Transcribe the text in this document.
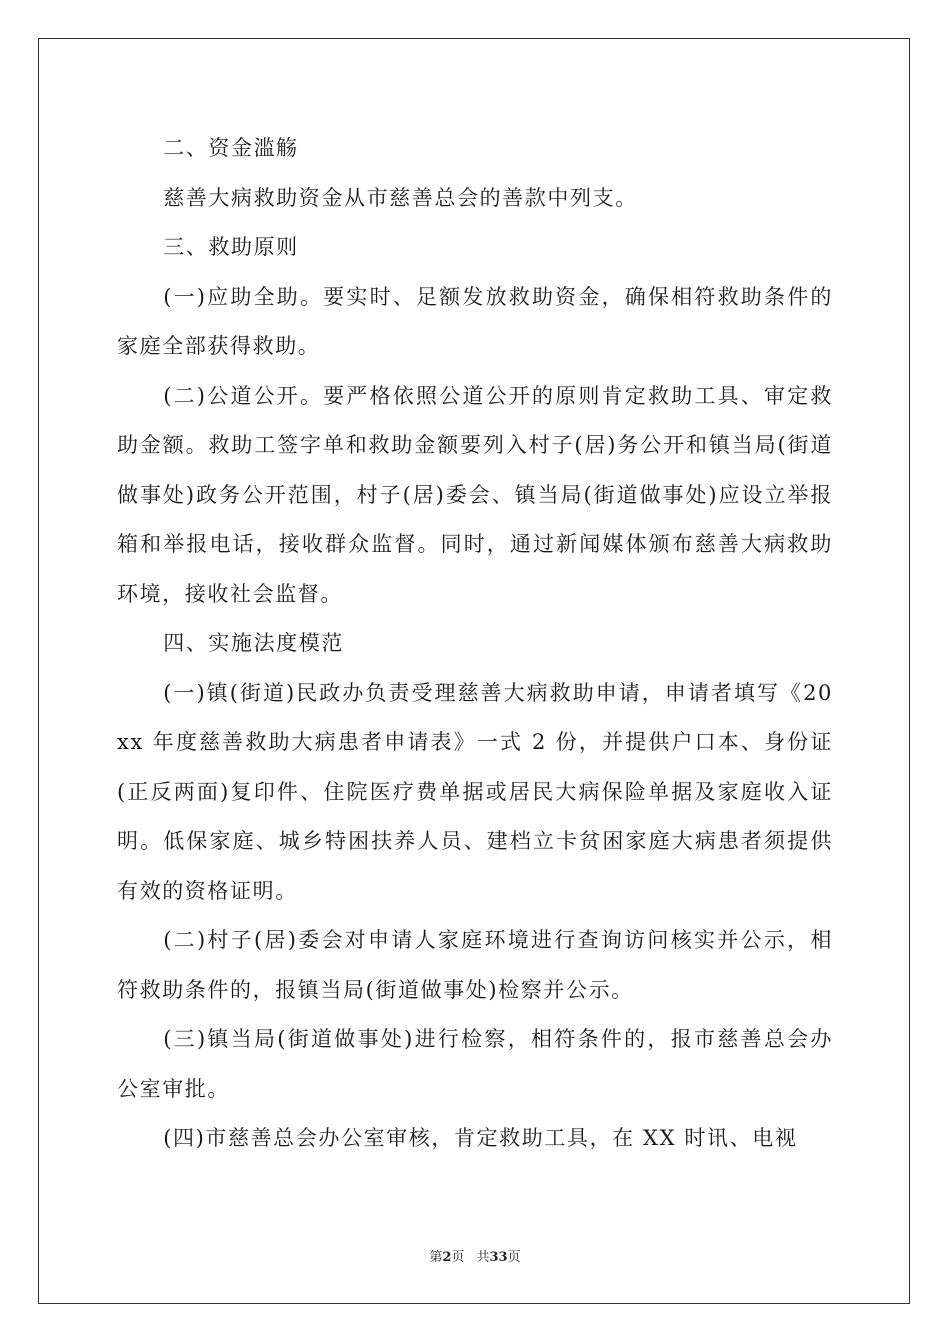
二、资金滥觞

慈善大病救助资金从市慈善总会的善款中列支。

三、救助原则

(一)应助全助。要实时、足额发放救助资金，确保相符救助条件的家庭全部获得救助。

(二)公道公开。要严格依照公道公开的原则肯定救助工具、审定救助金额。救助工签字单和救助金额要列入村子(居)务公开和镇当局(街道做事处)政务公开范围，村子(居)委会、镇当局(街道做事处)应设立举报箱和举报电话，接收群众监督。同时，通过新闻媒体颁布慈善大病救助环境，接收社会监督。

四、实施法度模范

(一)镇(街道)民政办负责受理慈善大病救助申请，申请者填写《20xx 年度慈善救助大病患者申请表》一式 2 份，并提供户口本、身份证(正反两面)复印件、住院医疗费单据或居民大病保险单据及家庭收入证明。低保家庭、城乡特困扶养人员、建档立卡贫困家庭大病患者须提供有效的资格证明。

(二)村子(居)委会对申请人家庭环境进行查询访问核实并公示，相符救助条件的，报镇当局(街道做事处)检察并公示。

(三)镇当局(街道做事处)进行检察，相符条件的，报市慈善总会办公室审批。

(四)市慈善总会办公室审核，肯定救助工具，在 XX 时讯、电视

第2页 共33页
